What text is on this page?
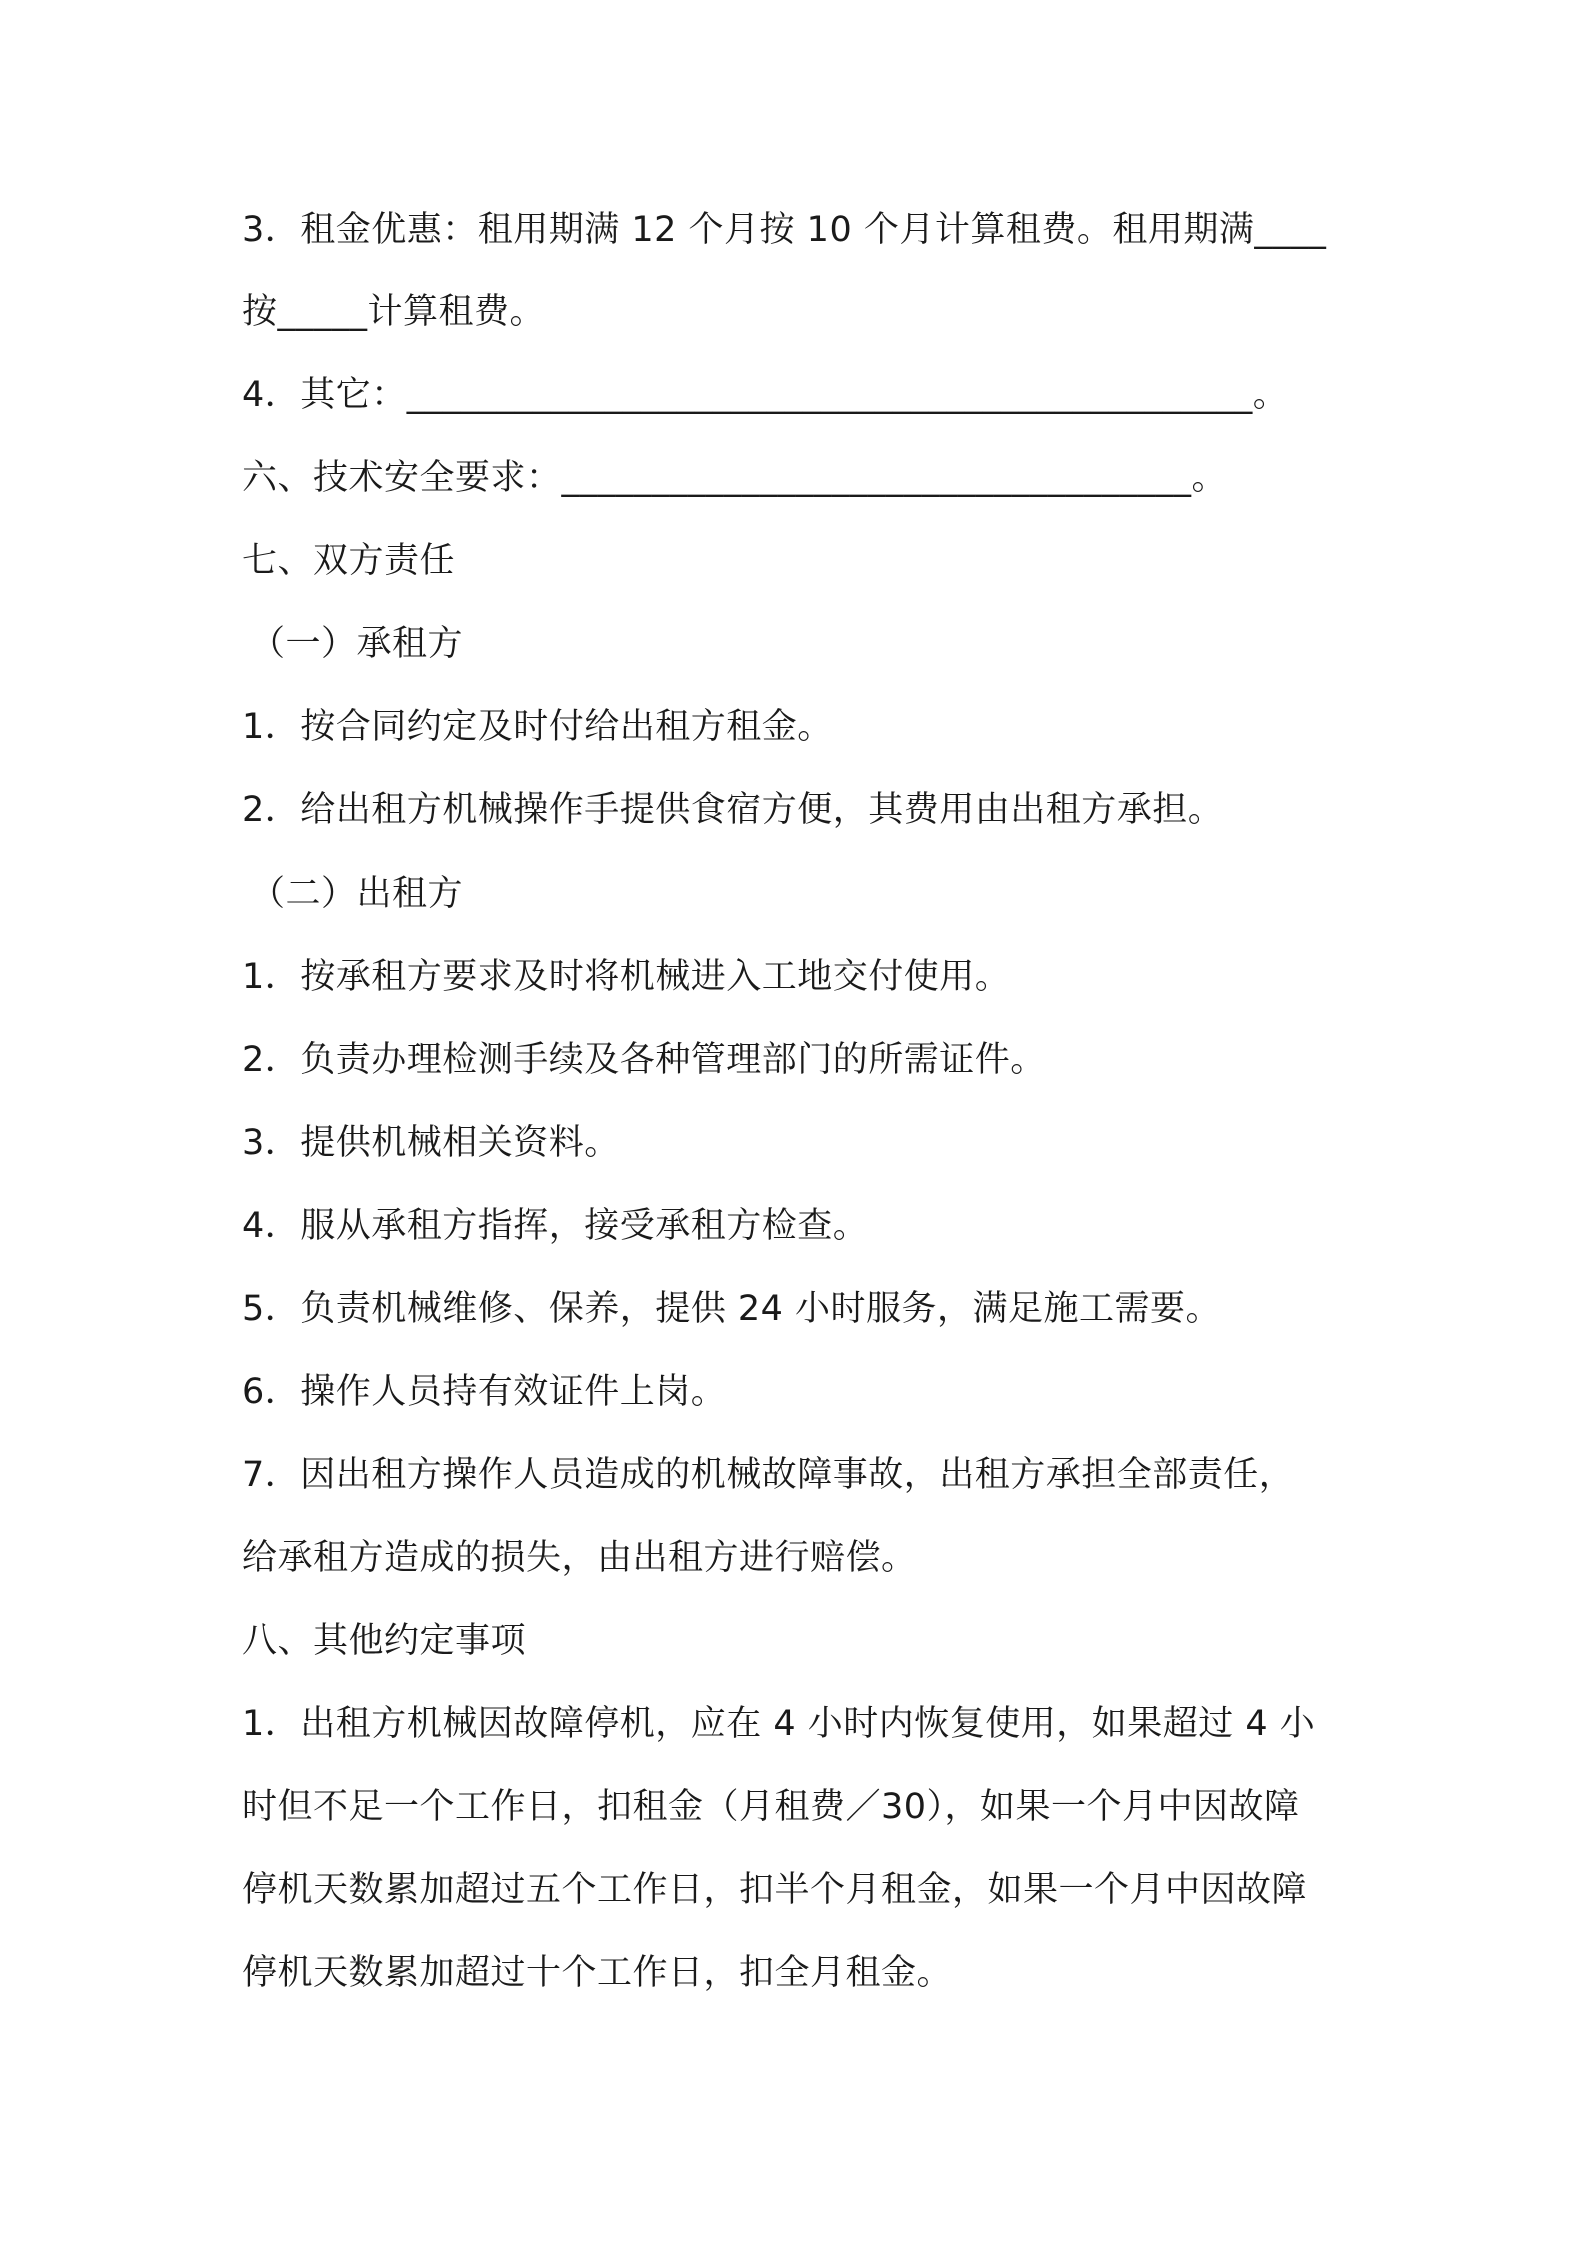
3．租金优惠：租用期满 12 个月按 10 个月计算租费。租用期满____
按_____计算租费。
4．其它：_______________________________________________。
六、技术安全要求：___________________________________。
七、双方责任
（一）承租方
1．按合同约定及时付给出租方租金。
2．给出租方机械操作手提供食宿方便，其费用由出租方承担。
（二）出租方
1．按承租方要求及时将机械进入工地交付使用。
2．负责办理检测手续及各种管理部门的所需证件。
3．提供机械相关资料。
4．服从承租方指挥，接受承租方检查。
5．负责机械维修、保养，提供 24 小时服务，满足施工需要。
6．操作人员持有效证件上岗。
7．因出租方操作人员造成的机械故障事故，出租方承担全部责任，
给承租方造成的损失，由出租方进行赔偿。
八、其他约定事项
1．出租方机械因故障停机，应在 4 小时内恢复使用，如果超过 4 小
时但不足一个工作日，扣租金（月租费／30），如果一个月中因故障
停机天数累加超过五个工作日，扣半个月租金，如果一个月中因故障
停机天数累加超过十个工作日，扣全月租金。
